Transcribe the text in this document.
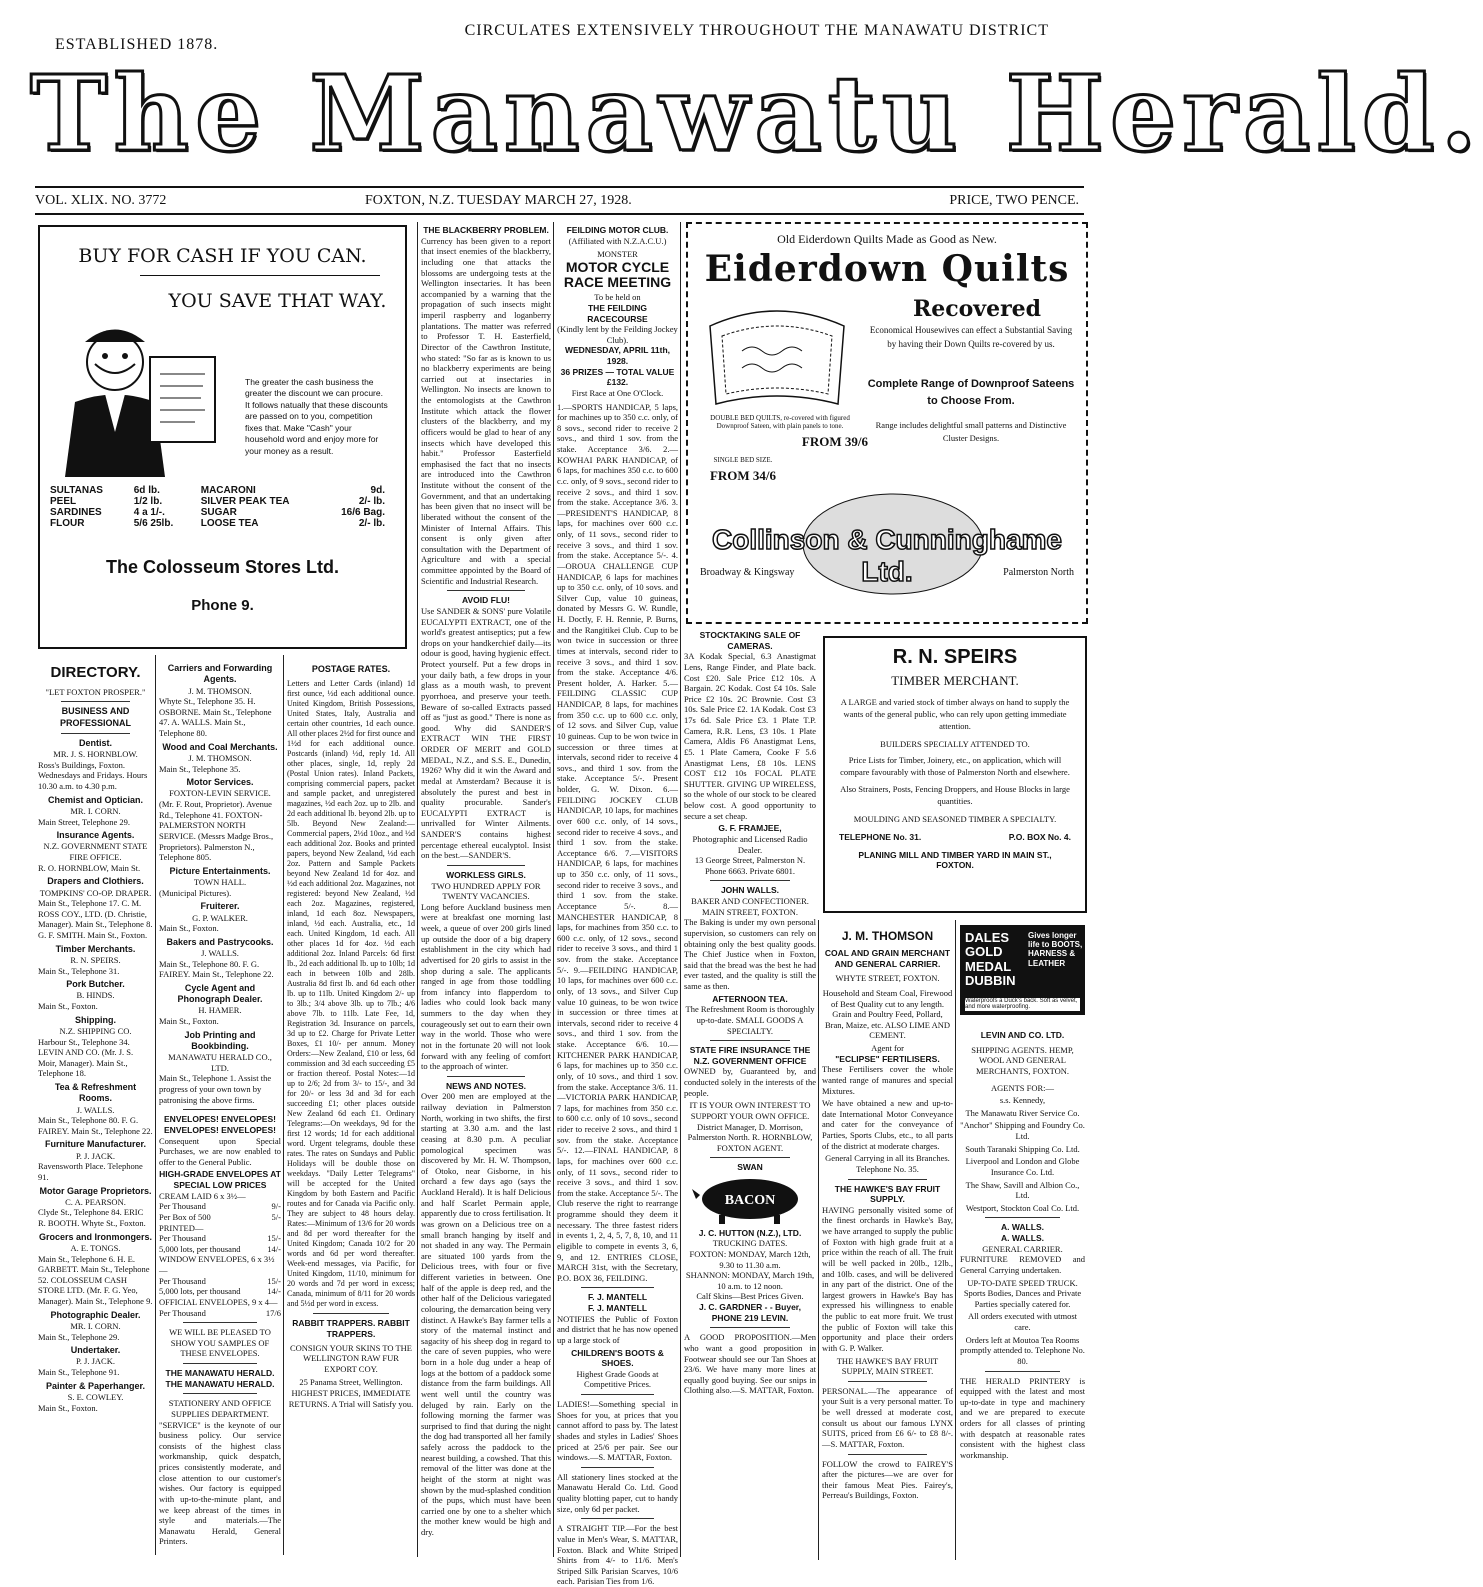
ESTABLISHED 1878.
CIRCULATES EXTENSIVELY THROUGHOUT THE MANAWATU DISTRICT
The Manawatu Herald.
VOL. XLIX. NO. 3772	FOXTON, N.Z. TUESDAY MARCH 27, 1928.	PRICE, TWO PENCE.
BUY FOR CASH IF YOU CAN.
YOU SAVE THAT WAY.
The greater the cash business the greater the discount we can procure. It follows natually that these discounts are passed on to you, competition fixes that. Make "Cash" your household word and enjoy more for your money as a result.
SULTANAS	6d lb.	MACARONI	9d.
PEEL	1/2 lb.	SILVER PEAK TEA	2/- lb.
SARDINES	4 a 1/-.	SUGAR	16/6 Bag.
FLOUR	5/6 25lb.	LOOSE TEA	2/- lb.
The Colosseum Stores Ltd.
Phone 9.
DIRECTORY.
"LET FOXTON PROSPER."
BUSINESS AND PROFESSIONAL
Dentist.
MR. J. S. HORNBLOW.
Ross's Buildings, Foxton. Wednesdays and Fridays. Hours 10.30 a.m. to 4.30 p.m.
Chemist and Optician.
MR. I. CORN.
Main Street, Telephone 29.
Insurance Agents.
N.Z. GOVERNMENT STATE FIRE OFFICE.
R. O. HORNBLOW, Main St.
Drapers and Clothiers.
TOMPKINS' CO-OP. DRAPER.
Main St., Telephone 17. C. M. ROSS COY., LTD. (D. Christie, Manager). Main St., Telephone 8. G. F. SMITH. Main St., Foxton.
Timber Merchants.
R. N. SPEIRS.
Main St., Telephone 31.
Pork Butcher.
B. HINDS.
Main St., Foxton.
Shipping.
N.Z. SHIPPING CO.
Harbour St., Telephone 34. LEVIN AND CO. (Mr. J. S. Moir, Manager). Main St., Telephone 18.
Tea & Refreshment Rooms.
J. WALLS.
Main St., Telephone 80. F. G. FAIREY. Main St., Telephone 22.
Furniture Manufacturer.
P. J. JACK.
Ravensworth Place. Telephone 91.
Motor Garage Proprietors.
C. A. PEARSON.
Clyde St., Telephone 84. ERIC R. BOOTH. Whyte St., Foxton.
Grocers and Ironmongers.
A. E. TONGS.
Main St., Telephone 6. H. E. GARBETT. Main St., Telephone 52. COLOSSEUM CASH STORE LTD. (Mr. F. G. Yeo, Manager). Main St., Telephone 9.
Photographic Dealer.
MR. I. CORN.
Main St., Telephone 29.
Undertaker.
P. J. JACK.
Main St., Telephone 91.
Painter & Paperhanger.
S. E. COWLEY.
Main St., Foxton.
Carriers and Forwarding Agents.
J. M. THOMSON.
Whyte St., Telephone 35. H. OSBORNE. Main St., Telephone 47. A. WALLS. Main St., Telephone 80.
Wood and Coal Merchants.
J. M. THOMSON.
Main St., Telephone 35.
Motor Services.
FOXTON-LEVIN SERVICE.
(Mr. F. Rout, Proprietor). Avenue Rd., Telephone 41. FOXTON-PALMERSTON NORTH SERVICE. (Messrs Madge Bros., Proprietors). Palmerston N., Telephone 805.
Picture Entertainments.
TOWN HALL.
(Municipal Pictures).
Fruiterer.
G. P. WALKER.
Main St., Foxton.
Bakers and Pastrycooks.
J. WALLS.
Main St., Telephone 80. F. G. FAIREY. Main St., Telephone 22.
Cycle Agent and Phonograph Dealer.
H. HAMER.
Main St., Foxton.
Job Printing and Bookbinding.
MANAWATU HERALD CO., LTD.
Main St., Telephone 1. Assist the progress of your own town by patronising the above firms.
ENVELOPES! ENVELOPES! ENVELOPES! ENVELOPES!

Consequent upon Special Purchases, we are now enabled to offer to the General Public.

HIGH-GRADE ENVELOPES AT SPECIAL LOW PRICES
CREAM LAID 6 x 3½—
Per Thousand	9/-
Per Box of 500	5/-
PRINTED—
Per Thousand	15/-
5,000 lots, per thousand	14/-
WINDOW ENVELOPES, 6 x 3½—
Per Thousand	15/-
5,000 lots, per thousand	14/-
OFFICIAL ENVELOPES, 9 x 4—
Per Thousand	17/6
WE WILL BE PLEASED TO SHOW YOU SAMPLES OF THESE ENVELOPES.
THE MANAWATU HERALD. THE MANAWATU HERALD.
STATIONERY AND OFFICE SUPPLIES DEPARTMENT.

"SERVICE" is the keynote of our business policy. Our service consists of the highest class workmanship, quick despatch, prices consistently moderate, and close attention to our customer's wishes. Our factory is equipped with up-to-the-minute plant, and we keep abreast of the times in style and materials.—The Manawatu Herald, General Printers.

POSTAGE RATES.

Letters and Letter Cards (inland) 1d first ounce, ½d each additional ounce. United Kingdom, British Possessions, United States, Italy, Australia and certain other countries, 1d each ounce. All other places 2½d for first ounce and 1½d for each additional ounce. Postcards (inland) ½d, reply 1d. All other places, single, 1d, reply 2d (Postal Union rates). Inland Packets, comprising commercial papers, packet and sample packet, and unregistered magazines, ½d each 2oz. up to 2lb. and 2d each additional lb. beyond 2lb. up to 5lb. Beyond New Zealand:—Commercial papers, 2½d 10oz., and ½d each additional 2oz. Books and printed papers, beyond New Zealand, ½d each 2oz. Pattern and Sample Packets beyond New Zealand 1d for 4oz. and ½d each additional 2oz. Magazines, not registered: beyond New Zealand, ½d each 2oz. Magazines, registered, inland, 1d each 8oz. Newspapers, inland, ½d each. Australia, etc., 1d each. United Kingdom, 1d each. All other places 1d for 4oz. ½d each additional 2oz. Inland Parcels: 6d first lb., 2d each additional lb. up to 10lb; 1d each in between 10lb and 28lb. Australia 8d first lb. and 6d each other lb. up to 11lb. United Kingdom 2/- up to 3lb.; 3/4 above 3lb. up to 7lb.; 4/6 above 7lb. to 11lb. Late Fee, 1d, Registration 3d. Insurance on parcels, 3d up to £2. Charge for Private Letter Boxes, £1 10/- per annum. Money Orders:—New Zealand, £10 or less, 6d commission and 3d each succeeding £5 or fraction thereof. Postal Notes:—1d up to 2/6; 2d from 3/- to 15/-, and 3d for 20/- or less 3d and 3d for each succeeding £1; other places outside New Zealand 6d each £1. Ordinary Telegrams:—On weekdays, 9d for the first 12 words; 1d for each additional word. Urgent telegrams, double these rates. The rates on Sundays and Public Holidays will be double those on weekdays. "Daily Letter Telegrams" will be accepted for the United Kingdom by both Eastern and Pacific routes and for Canada via Pacific only. They are subject to 48 hours delay. Rates:—Minimum of 13/6 for 20 words and 8d per word thereafter for the United Kingdom; Canada 10/2 for 20 words and 6d per word thereafter. Week-end messages, via Pacific, for United Kingdom, 11/10, minimum for 20 words and 7d per word in excess; Canada, minimum of 8/11 for 20 words and 5½d per word in excess.

RABBIT TRAPPERS. RABBIT TRAPPERS.
CONSIGN YOUR SKINS TO THE WELLINGTON RAW FUR EXPORT COY.
25 Panama Street, Wellington. HIGHEST PRICES, IMMEDIATE RETURNS. A Trial will Satisfy you.
THE BLACKBERRY PROBLEM.

Currency has been given to a report that insect enemies of the blackberry, including one that attacks the blossoms are undergoing tests at the Wellington insectaries. It has been accompanied by a warning that the propagation of such insects might imperil raspberry and loganberry plantations. The matter was referred to Professor T. H. Easterfield, Director of the Cawthron Institute, who stated: "So far as is known to us no blackberry experiments are being carried out at insectaries in Wellington. No insects are known to the entomologists at the Cawthron Institute which attack the flower clusters of the blackberry, and my officers would be glad to hear of any insects which have developed this habit." Professor Easterfield emphasised the fact that no insects are introduced into the Cawthron Institute without the consent of the Government, and that an undertaking has been given that no insect will be liberated without the consent of the Minister of Internal Affairs. This consent is only given after consultation with the Department of Agriculture and with a special committee appointed by the Board of Scientific and Industrial Research.

AVOID FLU!

Use SANDER & SONS' pure Volatile EUCALYPTI EXTRACT, one of the world's greatest antiseptics; put a few drops on your handkerchief daily—its odour is good, having hygienic effect. Protect yourself. Put a few drops in your daily bath, a few drops in your glass as a mouth wash, to prevent pyorrhoea, and preserve your teeth. Beware of so-called Extracts passed off as "just as good." There is none as good. Why did SANDER'S EXTRACT WIN THE FIRST ORDER OF MERIT and GOLD MEDAL, N.Z., and S.S. E., Dunedin, 1926? Why did it win the Award and medal at Amsterdam? Because it is absolutely the purest and best in quality procurable. Sander's EUCALYPTI EXTRACT is unrivalled for Winter Ailments. SANDER'S contains highest percentage ethereal eucalyptol. Insist on the best.—SANDER'S.

WORKLESS GIRLS.
TWO HUNDRED APPLY FOR TWENTY VACANCIES.

Long before Auckland business men were at breakfast one morning last week, a queue of over 200 girls lined up outside the door of a big drapery establishment in the city which had advertised for 20 girls to assist in the shop during a sale. The applicants ranged in age from those toddling from infancy into flapperdom to ladies who could look back many summers to the day when they courageously set out to earn their own way in the world. Those who were not in the fortunate 20 will not look forward with any feeling of comfort to the approach of winter.

NEWS AND NOTES.

Over 200 men are employed at the railway deviation in Palmerston North, working in two shifts, the first starting at 3.30 a.m. and the last ceasing at 8.30 p.m. A peculiar pomological specimen was discovered by Mr. H. W. Thompson, of Otoko, near Gisborne, in his orchard a few days ago (says the Auckland Herald). It is half Delicious and half Scarlet Permain apple, apparently due to cross fertilisation. It was grown on a Delicious tree on a small branch hanging by itself and not shaded in any way. The Permain are situated 100 yards from the Delicious trees, with four or five different varieties in between. One half of the apple is deep red, and the other half of the Delicious variegated colouring, the demarcation being very distinct. A Hawke's Bay farmer tells a story of the maternal instinct and sagacity of his sheep dog in regard to the care of seven puppies, who were born in a hole dug under a heap of logs at the bottom of a paddock some distance from the farm buildings. All went well until the country was deluged by rain. Early on the following morning the farmer was surprised to find that during the night the dog had transported all her family safely across the paddock to the nearest building, a cowshed. That this removal of the litter was done at the height of the storm at night was shown by the mud-splashed condition of the pups, which must have been carried one by one to a shelter which the mother knew would be high and dry.

FEILDING MOTOR CLUB.
(Affiliated with N.Z.A.C.U.)
MONSTER
MOTOR CYCLE RACE MEETING
To be held on
THE FEILDING RACECOURSE
(Kindly lent by the Feilding Jockey Club).
WEDNESDAY, APRIL 11th, 1928.
36 PRIZES — TOTAL VALUE £132.
First Race at One O'Clock.

1.—SPORTS HANDICAP, 5 laps, for machines up to 350 c.c. only, of 8 sovs., second rider to receive 2 sovs., and third 1 sov. from the stake. Acceptance 3/6. 2.—KOWHAI PARK HANDICAP, of 6 laps, for machines 350 c.c. to 600 c.c. only, of 9 sovs., second rider to receive 2 sovs., and third 1 sov. from the stake. Acceptance 3/6. 3.—PRESIDENT'S HANDICAP, 8 laps, for machines over 600 c.c. only, of 11 sovs., second rider to receive 3 sovs., and third 1 sov. from the stake. Acceptance 5/-. 4.—OROUA CHALLENGE CUP HANDICAP, 6 laps for machines up to 350 c.c. only, of 10 sovs. and Silver Cup, value 10 guineas, donated by Messrs G. W. Rundle, H. Doctly, F. H. Rennie, P. Burns, and the Rangitikei Club. Cup to be won twice in succession or three times at intervals, second rider to receive 3 sovs., and third 1 sov. from the stake. Acceptance 4/6. Present holder, A. Harker. 5.—FEILDING CLASSIC CUP HANDICAP, 8 laps, for machines from 350 c.c. up to 600 c.c. only, of 12 sovs. and Silver Cup, value 10 guineas. Cup to be won twice in succession or three times at intervals, second rider to receive 4 sovs., and third 1 sov. from the stake. Acceptance 5/-. Present holder, G. W. Dixon. 6.—FEILDING JOCKEY CLUB HANDICAP, 10 laps, for machines over 600 c.c. only, of 14 sovs., second rider to receive 4 sovs., and third 1 sov. from the stake. Acceptance 6/6. 7.—VISITORS HANDICAP, 6 laps, for machines up to 350 c.c. only, of 11 sovs., second rider to receive 3 sovs., and third 1 sov. from the stake. Acceptance 5/-. 8.—MANCHESTER HANDICAP, 8 laps, for machines from 350 c.c. to 600 c.c. only, of 12 sovs., second rider to receive 3 sovs., and third 1 sov. from the stake. Acceptance 5/-. 9.—FEILDING HANDICAP, 10 laps, for machines over 600 c.c. only, of 13 sovs., and Silver Cup value 10 guineas, to be won twice in succession or three times at intervals, second rider to receive 4 sovs., and third 1 sov. from the stake. Acceptance 6/6. 10.—KITCHENER PARK HANDICAP, 6 laps, for machines up to 350 c.c. only, of 10 sovs., and third 1 sov. from the stake. Acceptance 3/6. 11.—VICTORIA PARK HANDICAP, 7 laps, for machines from 350 c.c. to 600 c.c. only of 10 sovs., second rider to receive 2 sovs., and third 1 sov. from the stake. Acceptance 5/-. 12.—FINAL HANDICAP, 8 laps, for machines over 600 c.c. only, of 11 sovs., second rider to receive 3 sovs., and third 1 sov. from the stake. Acceptance 5/-. The Club reserve the right to rearrange programme should they deem it necessary. The three fastest riders in events 1, 2, 4, 5, 7, 8, 10, and 11 eligible to compete in events 3, 6, 9, and 12. ENTRIES CLOSE, MARCH 31st, with the Secretary, P.O. BOX 36, FEILDING.

F. J. MANTELL
F. J. MANTELL

NOTIFIES the Public of Foxton and district that he has now opened up a large stock of

CHILDREN'S BOOTS & SHOES.
Highest Grade Goods at Competitive Prices.

LADIES!—Something special in Shoes for you, at prices that you cannot afford to pass by. The latest shades and styles in Ladies' Shoes priced at 25/6 per pair. See our windows.—S. MATTAR, Foxton.

All stationery lines stocked at the Manawatu Herald Co. Ltd. Good quality blotting paper, cut to handy size, only 6d per packet.

A STRAIGHT TIP.—For the best value in Men's Wear, S. MATTAR, Foxton. Black and White Striped Shirts from 4/- to 11/6. Men's Striped Silk Parisian Scarves, 10/6 each. Parisian Ties from 1/6.

STOCKTAKING SALE OF CAMERAS.

3A Kodak Special, 6.3 Anastigmat Lens, Range Finder, and Plate back. Cost £20. Sale Price £12 10s. A Bargain. 2C Kodak. Cost £4 10s. Sale Price £2 10s. 2C Brownie. Cost £3 10s. Sale Price £2. 1A Kodak. Cost £3 17s 6d. Sale Price £3. 1 Plate T.P. Camera, R.R. Lens, £3 10s. 1 Plate Camera, Aldis F6 Anastigmat Lens, £5. 1 Plate Camera, Cooke F 5.6 Anastigmat Lens, £8 10s. LENS COST £12 10s FOCAL PLATE SHUTTER. GIVING UP WIRELESS, so the whole of our stock to be cleared below cost. A good opportunity to secure a set cheap.

G. F. FRAMJEE,
Photographic and Licensed Radio Dealer.
13 George Street, Palmerston N. Phone 6663. Private 6801.
JOHN WALLS.
BAKER AND CONFECTIONER.
MAIN STREET, FOXTON.

The Baking is under my own personal supervision, so customers can rely on obtaining only the best quality goods. The Chief Justice when in Foxton, said that the bread was the best he had ever tasted, and the quality is still the same as then.

AFTERNOON TEA.
The Refreshment Room is thoroughly up-to-date. SMALL GOODS A SPECIALTY.
STATE FIRE INSURANCE THE N.Z. GOVERNMENT OFFICE

OWNED by, Guaranteed by, and conducted solely in the interests of the people.

IT IS YOUR OWN INTEREST TO SUPPORT YOUR OWN OFFICE.
District Manager, D. Morrison, Palmerston North. R. HORNBLOW, FOXTON AGENT.
SWAN
BACON
J. C. HUTTON (N.Z.), LTD.
TRUCKING DATES.
FOXTON: MONDAY, March 12th, 9.30 to 11.30 a.m.
SHANNON: MONDAY, March 19th, 10 a.m. to 12 noon.
Calf Skins—Best Prices Given.
J. C. GARDNER - - Buyer, PHONE 219 LEVIN.

A GOOD PROPOSITION.—Men who want a good proposition in Footwear should see our Tan Shoes at 23/6. We have many more lines at equally good buying. See our snips in Clothing also.—S. MATTAR, Foxton.

Old Eiderdown Quilts Made as Good as New.
Eiderdown Quilts
Recovered
DOUBLE BED QUILTS, re-covered with figured Downproof Sateen, with plain panels to tone.
FROM 39/6
SINGLE BED SIZE.
FROM 34/6
Economical Housewives can effect a Substantial Saving by having their Down Quilts re-covered by us.
Complete Range of Downproof Sateens to Choose From.
Range includes delightful small patterns and Distinctive Cluster Designs.
Collinson & Cunninghame Ltd.
Broadway & Kingsway	Palmerston North
R. N. SPEIRS
TIMBER MERCHANT.
A LARGE and varied stock of timber always on hand to supply the wants of the general public, who can rely upon getting immediate attention.
BUILDERS SPECIALLY ATTENDED TO.
Price Lists for Timber, Joinery, etc., on application, which will compare favourably with those of Palmerston North and elsewhere.
Also Strainers, Posts, Fencing Droppers, and House Blocks in large quantities.
MOULDING AND SEASONED TIMBER A SPECIALTY.
TELEPHONE No. 31.	P.O. BOX No. 4.
PLANING MILL AND TIMBER YARD IN MAIN ST., FOXTON.
J. M. THOMSON
COAL AND GRAIN MERCHANT AND GENERAL CARRIER.
WHYTE STREET, FOXTON.

Household and Steam Coal, Firewood of Best Quality cut to any length. Grain and Poultry Feed, Pollard, Bran, Maize, etc. ALSO LIME AND CEMENT.

Agent for
"ECLIPSE" FERTILISERS.

These Fertilisers cover the whole wanted range of manures and special Mixtures.

We have obtained a new and up-to-date International Motor Conveyance and cater for the conveyance of Parties, Sports Clubs, etc., to all parts of the district at moderate charges.

General Carrying in all its Branches. Telephone No. 35.
THE HAWKE'S BAY FRUIT SUPPLY.

HAVING personally visited some of the finest orchards in Hawke's Bay, we have arranged to supply the public of Foxton with high grade fruit at a price within the reach of all. The fruit will be well packed in 20lb., 12lb., and 10lb. cases, and will be delivered in any part of the district. One of the largest growers in Hawke's Bay has expressed his willingness to enable the public to eat more fruit. We trust the public of Foxton will take this opportunity and place their orders with G. P. Walker.

THE HAWKE'S BAY FRUIT SUPPLY, MAIN STREET.

PERSONAL.—The appearance of your Suit is a very personal matter. To be well dressed at moderate cost, consult us about our famous LYNX SUITS, priced from £6 6/- to £8 8/-.—S. MATTAR, Foxton.

FOLLOW the crowd to FAIREY'S after the pictures—we are over for their famous Meat Pies. Fairey's, Perreau's Buildings, Foxton.

DALES GOLD MEDAL DUBBIN
Gives longer life to BOOTS, HARNESS & LEATHER
Waterproofs a Duck's back. Soft as velvet, and more waterproofing.
LEVIN AND CO. LTD.
SHIPPING AGENTS. HEMP, WOOL AND GENERAL MERCHANTS, FOXTON.
AGENTS FOR:—
s.s. Kennedy,
The Manawatu River Service Co.
"Anchor" Shipping and Foundry Co. Ltd.
South Taranaki Shipping Co. Ltd.
Liverpool and London and Globe Insurance Co. Ltd.
The Shaw, Savill and Albion Co., Ltd.
Westport, Stockton Coal Co. Ltd.
A. WALLS.
A. WALLS.
GENERAL CARRIER.

FURNITURE REMOVED and General Carrying undertaken.

UP-TO-DATE SPEED TRUCK.

Sports Bodies, Dances and Private Parties specially catered for.

All orders executed with utmost care.

Orders left at Moutoa Tea Rooms promptly attended to. Telephone No. 80.

THE HERALD PRINTERY is equipped with the latest and most up-to-date in type and machinery and we are prepared to execute orders for all classes of printing with despatch at reasonable rates consistent with the highest class workmanship.
